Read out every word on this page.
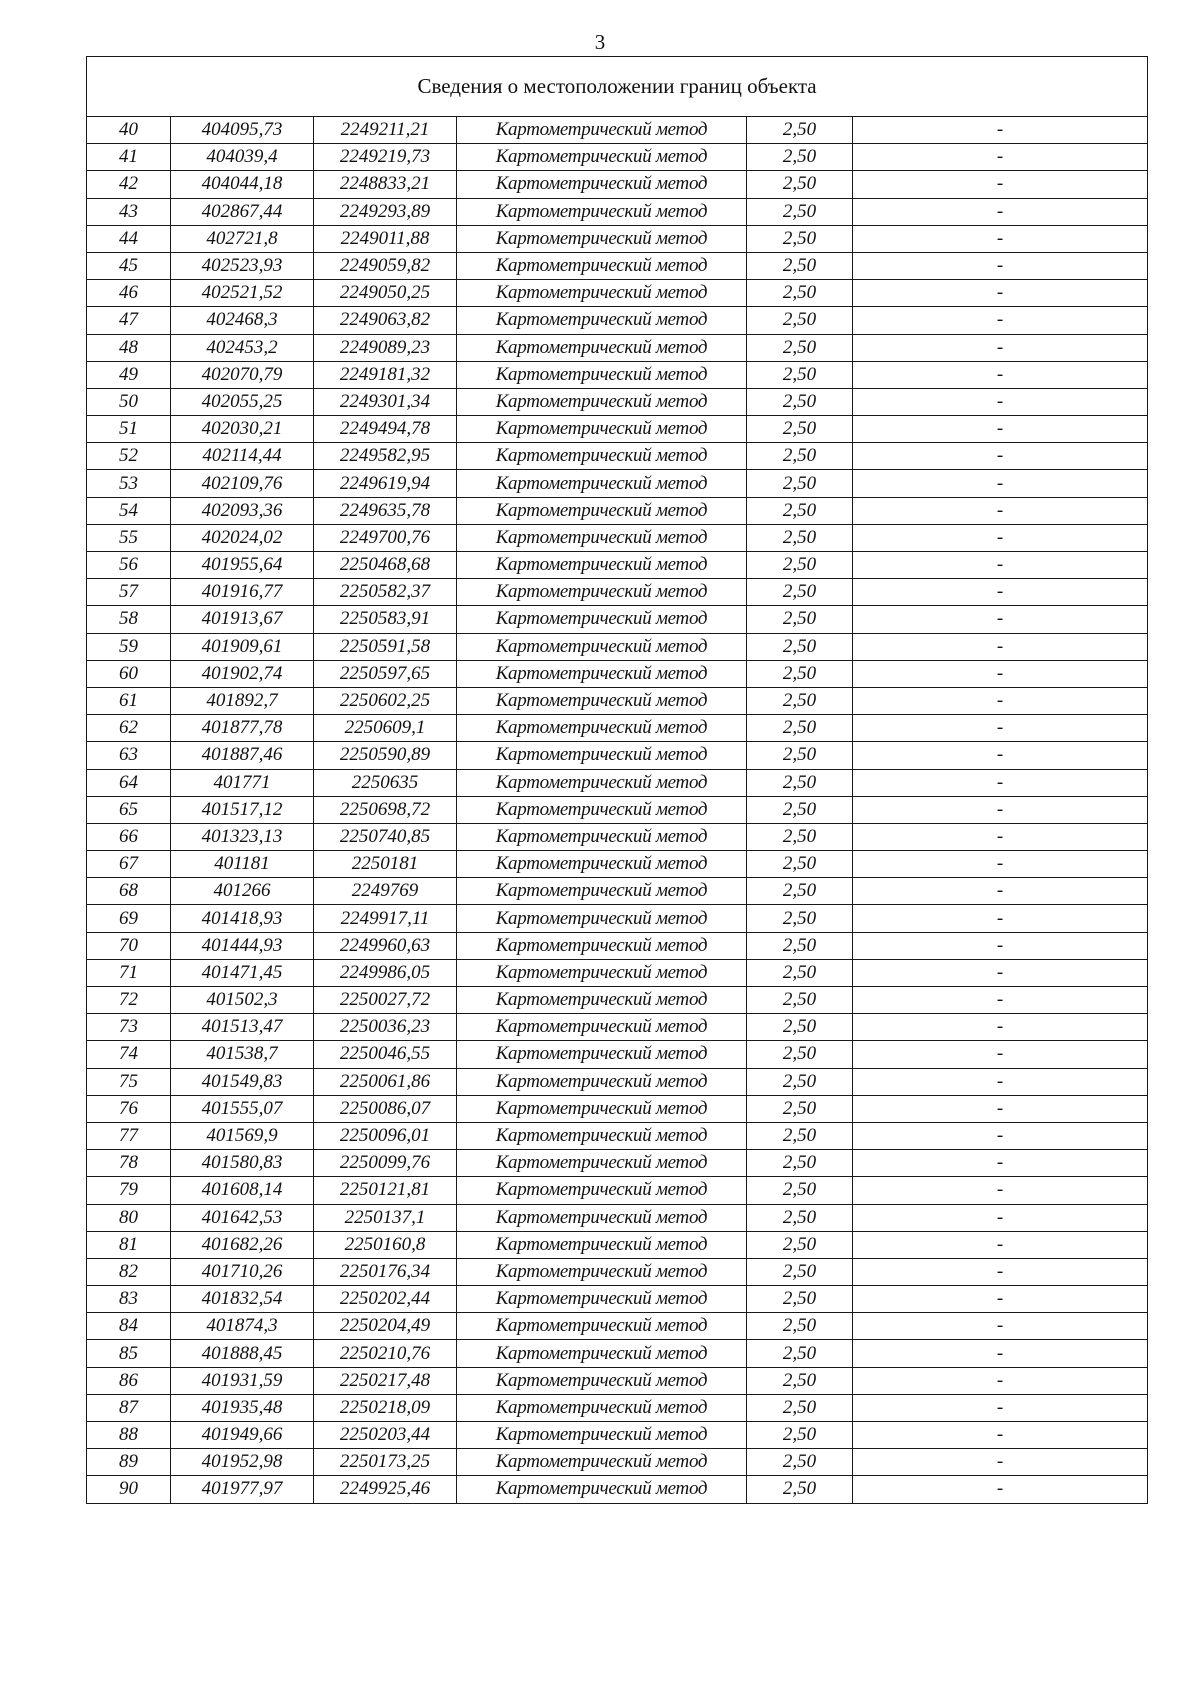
3
Сведения о местоположении границ объекта					
40	404095,73	2249211,21	Картометрический метод	2,50	-
41	404039,4	2249219,73	Картометрический метод	2,50	-
42	404044,18	2248833,21	Картометрический метод	2,50	-
43	402867,44	2249293,89	Картометрический метод	2,50	-
44	402721,8	2249011,88	Картометрический метод	2,50	-
45	402523,93	2249059,82	Картометрический метод	2,50	-
46	402521,52	2249050,25	Картометрический метод	2,50	-
47	402468,3	2249063,82	Картометрический метод	2,50	-
48	402453,2	2249089,23	Картометрический метод	2,50	-
49	402070,79	2249181,32	Картометрический метод	2,50	-
50	402055,25	2249301,34	Картометрический метод	2,50	-
51	402030,21	2249494,78	Картометрический метод	2,50	-
52	402114,44	2249582,95	Картометрический метод	2,50	-
53	402109,76	2249619,94	Картометрический метод	2,50	-
54	402093,36	2249635,78	Картометрический метод	2,50	-
55	402024,02	2249700,76	Картометрический метод	2,50	-
56	401955,64	2250468,68	Картометрический метод	2,50	-
57	401916,77	2250582,37	Картометрический метод	2,50	-
58	401913,67	2250583,91	Картометрический метод	2,50	-
59	401909,61	2250591,58	Картометрический метод	2,50	-
60	401902,74	2250597,65	Картометрический метод	2,50	-
61	401892,7	2250602,25	Картометрический метод	2,50	-
62	401877,78	2250609,1	Картометрический метод	2,50	-
63	401887,46	2250590,89	Картометрический метод	2,50	-
64	401771	2250635	Картометрический метод	2,50	-
65	401517,12	2250698,72	Картометрический метод	2,50	-
66	401323,13	2250740,85	Картометрический метод	2,50	-
67	401181	2250181	Картометрический метод	2,50	-
68	401266	2249769	Картометрический метод	2,50	-
69	401418,93	2249917,11	Картометрический метод	2,50	-
70	401444,93	2249960,63	Картометрический метод	2,50	-
71	401471,45	2249986,05	Картометрический метод	2,50	-
72	401502,3	2250027,72	Картометрический метод	2,50	-
73	401513,47	2250036,23	Картометрический метод	2,50	-
74	401538,7	2250046,55	Картометрический метод	2,50	-
75	401549,83	2250061,86	Картометрический метод	2,50	-
76	401555,07	2250086,07	Картометрический метод	2,50	-
77	401569,9	2250096,01	Картометрический метод	2,50	-
78	401580,83	2250099,76	Картометрический метод	2,50	-
79	401608,14	2250121,81	Картометрический метод	2,50	-
80	401642,53	2250137,1	Картометрический метод	2,50	-
81	401682,26	2250160,8	Картометрический метод	2,50	-
82	401710,26	2250176,34	Картометрический метод	2,50	-
83	401832,54	2250202,44	Картометрический метод	2,50	-
84	401874,3	2250204,49	Картометрический метод	2,50	-
85	401888,45	2250210,76	Картометрический метод	2,50	-
86	401931,59	2250217,48	Картометрический метод	2,50	-
87	401935,48	2250218,09	Картометрический метод	2,50	-
88	401949,66	2250203,44	Картометрический метод	2,50	-
89	401952,98	2250173,25	Картометрический метод	2,50	-
90	401977,97	2249925,46	Картометрический метод	2,50	-
